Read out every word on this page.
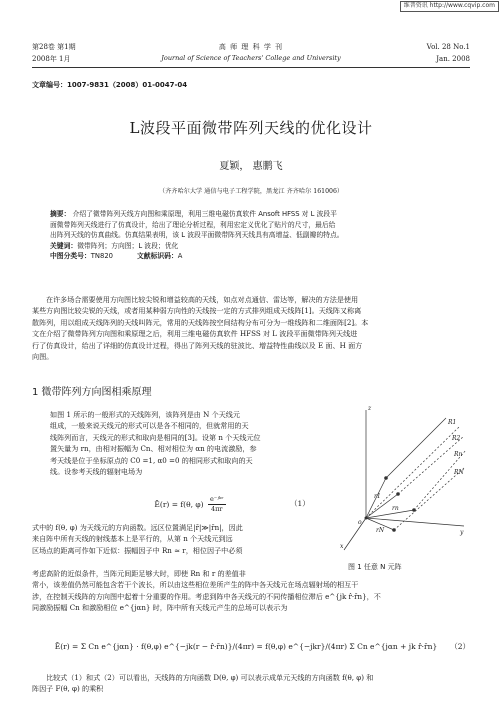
维普资讯 http://www.cqvip.com
第28卷 第1期
2008年 1月
高 师 理 科 学 刊
Journal of Science of Teachers' College and University
Vol. 28 No.1
Jan. 2008
文章编号：1007-9831（2008）01-0047-04
L波段平面微带阵列天线的优化设计
夏颖， 惠鹏飞
（齐齐哈尔大学 通信与电子工程学院，黑龙江 齐齐哈尔 161006）
摘要： 介绍了微带阵列天线方向图和乘原理，利用三维电磁仿真软件 Ansoft HFSS 对 L 波段平
面微带阵列天线进行了仿真设计，给出了理论分析过程，利用宏定义优化了贴片的尺寸，最后给
出阵列天线的仿真曲线。仿真结果表明，该 L 波段平面微带阵列天线具有高增益、低副瓣的特点。
关键词：微带阵列；方向图；L 波段；优化
中图分类号：TN820	文献标识码：A
在许多场合需要使用方向图比较尖锐和增益较高的天线，如点对点通信、雷达等，解决的方法是使用
某些方向图比较尖锐的天线，或者用某种弱方向性的天线按一定的方式排列组成天线阵[1]。天线阵又称离
散阵列，用以组成天线阵列的天线叫阵元，常用的天线阵按空间结构分布可分为一维线阵和二维面阵[2]。本
文在介绍了微带阵列方向图和乘原理之后，利用三维电磁仿真软件 HFSS 对 L 波段平面微带阵列天线进
行了仿真设计，给出了详细的仿真设计过程，得出了阵列天线的驻波比、增益特性曲线以及 E 面、H 面方
向图。
1 微带阵列方向图相乘原理
如图 1 所示的一般形式的天线阵列，该阵列是由 N 个天线元
组成，一般来说天线元的形式可以是各不相同的，但就常用的天
线阵列而言，天线元的形式和取向是相同的[3]。设第 n 个天线元位
置矢量为 rn，由相对振幅为 Cn、相对相位为 αn 的电流激励，参
考天线是位于坐标原点的 C0 =1, α0 =0 的相同形式和取向的天
线。设参考天线的辐射电场为
Ē(r) = f(θ, φ)
e⁻ʲᵏʳ
4πr
（1）
式中的 f(θ, φ) 为天线元的方向函数。远区位置满足|r̄|≫|r̄n|，因此
来自阵中所有天线的射线基本上是平行的，从第 n 个天线元到远
区场点的距离可作如下近似：振幅因子中 Rn ≈ r，相位因子中必须
z
y
x
R1
R2
Rn
RN
r1
rn
rN
o
图 1 任意 N 元阵
考虑高阶的近似条件，当阵元间距足够大时，即使 Rn 和 r 的差值非
常小，该差值仍然可能包含若干个波长，所以由这些相位差所产生的阵中各天线元在场点辐射场的相互干
涉，在控制天线阵的方向图中起着十分重要的作用。考虑到阵中各天线元的不同传播相位滞后 e^{jk r̂·r̄n}，不
同激励振幅 Cn 和激励相位 e^{jαn} 时，阵中所有天线元产生的总场可以表示为
Ē(r) = Σ Cn e^{jαn} · f(θ,φ) e^{−jk(r − r̂·r̄n)}/(4πr) = f(θ,φ) e^{−jkr}/(4πr) Σ Cn e^{jαn + jk r̂·r̄n}	（2）
比较式（1）和式（2）可以看出，天线阵的方向函数 D(θ, φ) 可以表示成单元天线的方向函数 f(θ, φ) 和
阵因子 F(θ, φ) 的乘积
